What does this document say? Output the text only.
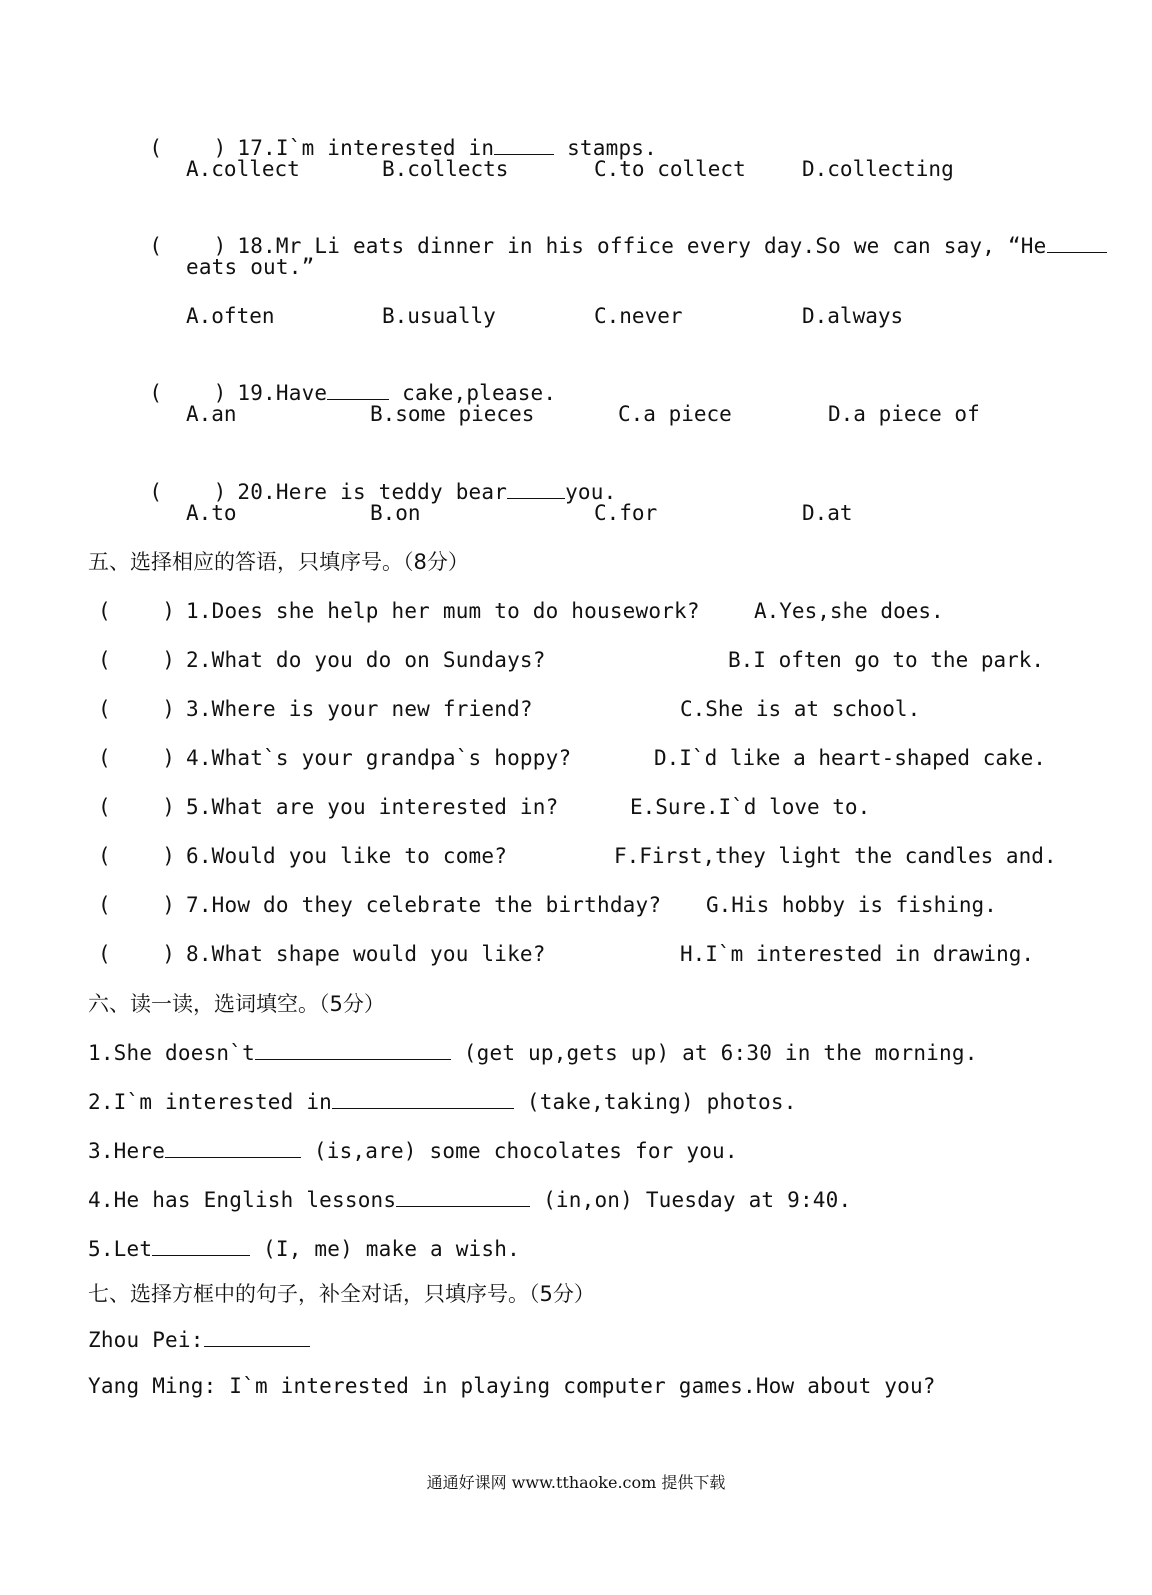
(    ) 17.I`m interested in	stamps.

A.collect	B.collects	C.to collect	D.collecting

(    ) 18.Mr Li eats dinner in his office every day.So we can say, “He

eats out.”
A.often	B.usually	C.never	D.always

(    ) 19.Have	cake,please.

A.an	B.some pieces	C.a piece	D.a piece of

(    ) 20.Here is teddy bear	you.

A.to	B.on	C.for	D.at
五、选择相应的答语，只填序号。（8分）
(    ) 1.Does she help her mum to do housework?	A.Yes,she does.
(    ) 2.What do you do on Sundays?	B.I often go to the park.
(    ) 3.Where is your new friend?	C.She is at school.
(    ) 4.What`s your grandpa`s hoppy?	D.I`d like a heart-shaped cake.
(    ) 5.What are you interested in?	E.Sure.I`d love to.
(    ) 6.Would you like to come?	F.First,they light the candles and.
(    ) 7.How do they celebrate the birthday? G.His hobby is fishing.
(    ) 8.What shape would you like?	H.I`m interested in drawing.
六、读一读，选词填空。（5分）
1.She doesn`t	(get up,gets up) at 6:30 in the morning.
2.I`m interested in	(take,taking) photos.
3.Here	(is,are) some chocolates for you.
4.He has English lessons	(in,on) Tuesday at 9:40.
5.Let	(I, me) make a wish.
七、选择方框中的句子，补全对话，只填序号。（5分）
Zhou Pei:
Yang Ming: I`m interested in playing computer games.How about you?
通通好课网 www.tthaoke.com 提供下载
